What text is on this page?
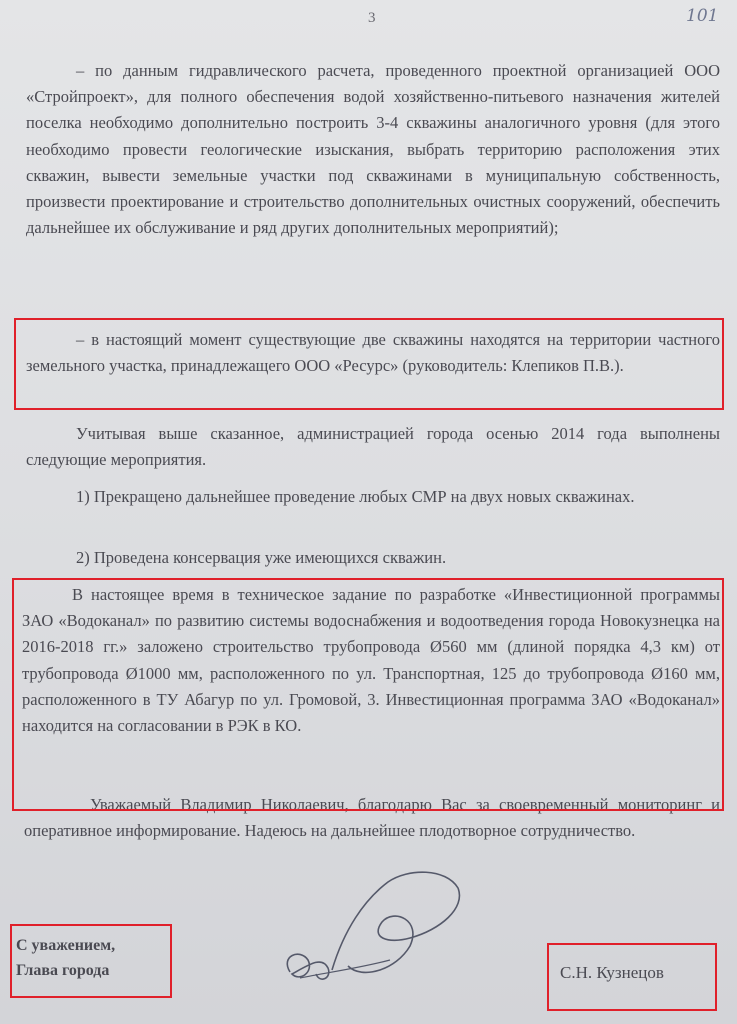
3	101
– по данным гидравлического расчета, проведенного проектной организацией ООО «Стройпроект», для полного обеспечения водой хозяйственно-питьевого назначения жителей поселка необходимо дополнительно построить 3-4 скважины аналогичного уровня (для этого необходимо провести геологические изыскания, выбрать территорию расположения этих скважин, вывести земельные участки под скважинами в муниципальную собственность, произвести проектирование и строительство дополнительных очистных сооружений, обеспечить дальнейшее их обслуживание и ряд других дополнительных мероприятий);
– в настоящий момент существующие две скважины находятся на территории частного земельного участка, принадлежащего ООО «Ресурс» (руководитель: Клепиков П.В.).
Учитывая выше сказанное, администрацией города осенью 2014 года выполнены следующие мероприятия.
1) Прекращено дальнейшее проведение любых СМР на двух новых скважинах.
2) Проведена консервация уже имеющихся скважин.
В настоящее время в техническое задание по разработке «Инвестиционной программы ЗАО «Водоканал» по развитию системы водоснабжения и водоотведения города Новокузнецка на 2016-2018 гг.» заложено строительство трубопровода Ø560 мм (длиной порядка 4,3 км) от трубопровода Ø1000 мм, расположенного по ул. Транспортная, 125 до трубопровода Ø160 мм, расположенного в ТУ Абагур по ул. Громовой, 3. Инвестиционная программа ЗАО «Водоканал» находится на согласовании в РЭК в КО.
Уважаемый Владимир Николаевич, благодарю Вас за своевременный мониторинг и оперативное информирование. Надеюсь на дальнейшее плодотворное сотрудничество.
С уважением,
Глава города	С.Н. Кузнецов
